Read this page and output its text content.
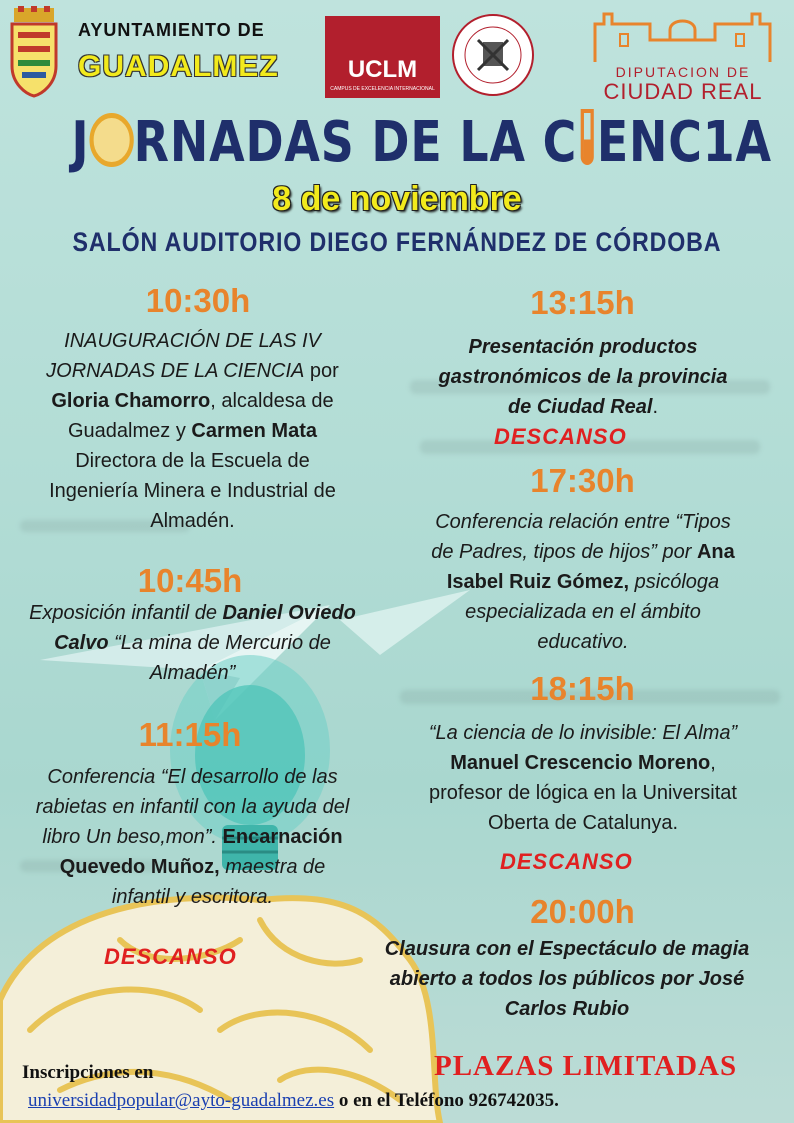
AYUNTAMIENTO DE
GUADALMEZ	UCLM
CAMPUS DE EXCELENCIA INTERNACIONAL
DIPUTACION DE
CIUDAD REAL
J RNADAS DE LA C ENC1A
8 de noviembre
SALÓN AUDITORIO DIEGO FERNÁNDEZ DE CÓRDOBA
10:30h
INAUGURACIÓN DE LAS IV
JORNADAS DE LA CIENCIA por
Gloria Chamorro, alcaldesa de
Guadalmez y Carmen Mata
Directora de la Escuela de
Ingeniería Minera e Industrial de
Almadén.
10:45h
Exposición infantil de Daniel Oviedo
Calvo “La mina de Mercurio de
Almadén”
11:15h
Conferencia “El desarrollo de las
rabietas en infantil con la ayuda del
libro Un beso,mon”. Encarnación
Quevedo Muñoz, maestra de
infantil y escritora.
DESCANSO
13:15h
Presentación productos
gastronómicos de la provincia
de Ciudad Real.
DESCANSO
17:30h
Conferencia relación entre “Tipos
de Padres, tipos de hijos” por Ana
Isabel Ruiz Gómez, psicóloga
especializada en el ámbito
educativo.
18:15h
“La ciencia de lo invisible: El Alma”
Manuel Crescencio Moreno,
profesor de lógica en la Universitat
Oberta de Catalunya.
DESCANSO
20:00h
Clausura con el Espectáculo de magia
abierto a todos los públicos por José
Carlos Rubio
PLAZAS LIMITADAS
Inscripciones en
universidadpopular@ayto-guadalmez.es o en el Teléfono 926742035.
